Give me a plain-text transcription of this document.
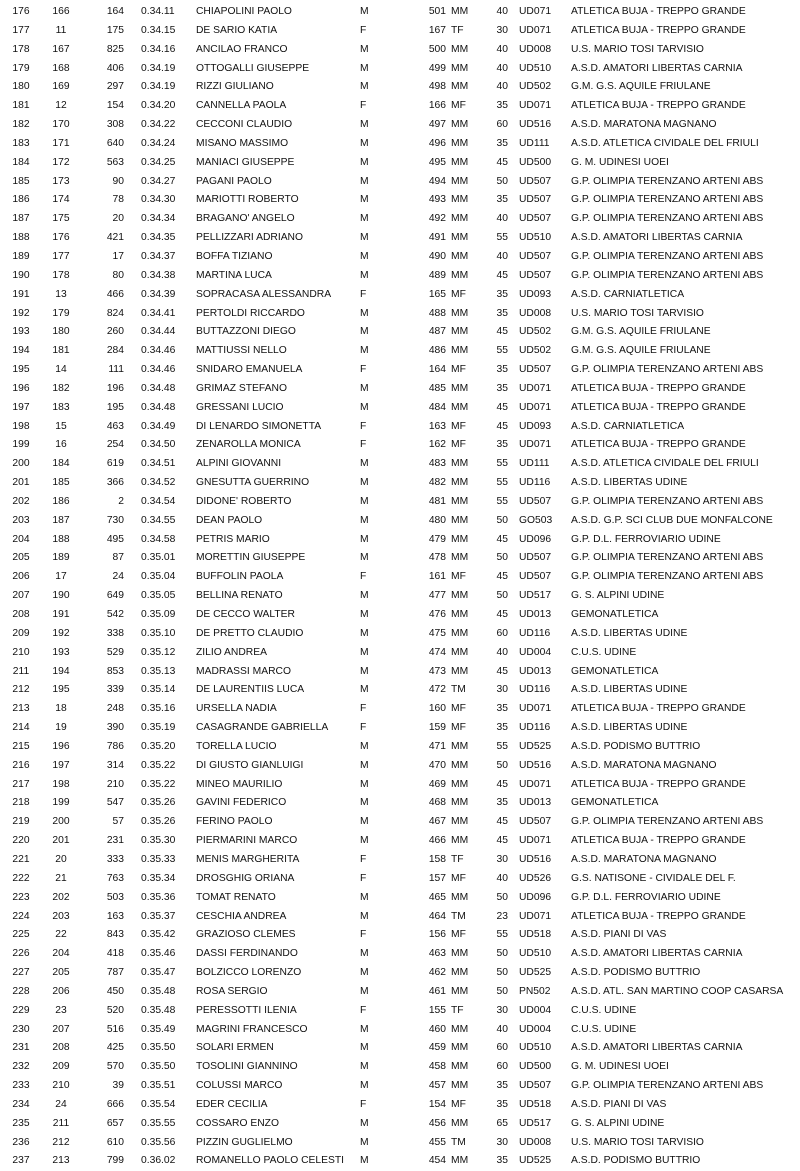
176	166	164 0.34.11 CHIAPOLINI PAOLO	M	501 MM	40 UD071 ATLETICA BUJA - TREPPO GRANDE
177	11	175 0.34.15 DE SARIO KATIA	F	167 TF	30 UD071 ATLETICA BUJA - TREPPO GRANDE
178	167	825 0.34.16 ANCILAO FRANCO	M	500 MM	40 UD008 U.S. MARIO TOSI TARVISIO
179	168	406 0.34.19 OTTOGALLI GIUSEPPE	M	499 MM	40 UD510 A.S.D. AMATORI LIBERTAS CARNIA
180	169	297 0.34.19 RIZZI GIULIANO	M	498 MM	40 UD502 G.M. G.S. AQUILE FRIULANE
181	12	154 0.34.20 CANNELLA PAOLA	F	166 MF	35 UD071 ATLETICA BUJA - TREPPO GRANDE
182	170	308 0.34.22 CECCONI CLAUDIO	M	497 MM	60 UD516 A.S.D. MARATONA MAGNANO
183	171	640 0.34.24 MISANO MASSIMO	M	496 MM	35 UD111 A.S.D. ATLETICA CIVIDALE DEL FRIULI
184	172	563 0.34.25 MANIACI GIUSEPPE	M	495 MM	45 UD500 G. M. UDINESI UOEI
185	173	90 0.34.27 PAGANI PAOLO	M	494 MM	50 UD507 G.P. OLIMPIA TERENZANO ARTENI ABS
186	174	78 0.34.30 MARIOTTI ROBERTO	M	493 MM	35 UD507 G.P. OLIMPIA TERENZANO ARTENI ABS
187	175	20 0.34.34 BRAGANO' ANGELO	M	492 MM	40 UD507 G.P. OLIMPIA TERENZANO ARTENI ABS
188	176	421 0.34.35 PELLIZZARI ADRIANO	M	491 MM	55 UD510 A.S.D. AMATORI LIBERTAS CARNIA
189	177	17 0.34.37 BOFFA TIZIANO	M	490 MM	40 UD507 G.P. OLIMPIA TERENZANO ARTENI ABS
190	178	80 0.34.38 MARTINA LUCA	M	489 MM	45 UD507 G.P. OLIMPIA TERENZANO ARTENI ABS
191	13	466 0.34.39 SOPRACASA ALESSANDRA	F	165 MF	35 UD093 A.S.D. CARNIATLETICA
192	179	824 0.34.41 PERTOLDI RICCARDO	M	488 MM	35 UD008 U.S. MARIO TOSI TARVISIO
193	180	260 0.34.44 BUTTAZZONI DIEGO	M	487 MM	45 UD502 G.M. G.S. AQUILE FRIULANE
194	181	284 0.34.46 MATTIUSSI NELLO	M	486 MM	55 UD502 G.M. G.S. AQUILE FRIULANE
195	14	111 0.34.46 SNIDARO EMANUELA	F	164 MF	35 UD507 G.P. OLIMPIA TERENZANO ARTENI ABS
196	182	196 0.34.48 GRIMAZ STEFANO	M	485 MM	35 UD071 ATLETICA BUJA - TREPPO GRANDE
197	183	195 0.34.48 GRESSANI LUCIO	M	484 MM	45 UD071 ATLETICA BUJA - TREPPO GRANDE
198	15	463 0.34.49 DI LENARDO SIMONETTA	F	163 MF	45 UD093 A.S.D. CARNIATLETICA
199	16	254 0.34.50 ZENAROLLA MONICA	F	162 MF	35 UD071 ATLETICA BUJA - TREPPO GRANDE
200	184	619 0.34.51 ALPINI GIOVANNI	M	483 MM	55 UD111 A.S.D. ATLETICA CIVIDALE DEL FRIULI
201	185	366 0.34.52 GNESUTTA GUERRINO	M	482 MM	55 UD116 A.S.D. LIBERTAS UDINE
202	186	2 0.34.54 DIDONE' ROBERTO	M	481 MM	55 UD507 G.P. OLIMPIA TERENZANO ARTENI ABS
203	187	730 0.34.55 DEAN PAOLO	M	480 MM	50 GO503 A.S.D. G.P. SCI CLUB DUE MONFALCONE
204	188	495 0.34.58 PETRIS MARIO	M	479 MM	45 UD096 G.P. D.L. FERROVIARIO UDINE
205	189	87 0.35.01 MORETTIN GIUSEPPE	M	478 MM	50 UD507 G.P. OLIMPIA TERENZANO ARTENI ABS
206	17	24 0.35.04 BUFFOLIN PAOLA	F	161 MF	45 UD507 G.P. OLIMPIA TERENZANO ARTENI ABS
207	190	649 0.35.05 BELLINA RENATO	M	477 MM	50 UD517 G. S. ALPINI UDINE
208	191	542 0.35.09 DE CECCO WALTER	M	476 MM	45 UD013 GEMONATLETICA
209	192	338 0.35.10 DE PRETTO CLAUDIO	M	475 MM	60 UD116 A.S.D. LIBERTAS UDINE
210	193	529 0.35.12 ZILIO ANDREA	M	474 MM	40 UD004 C.U.S. UDINE
211	194	853 0.35.13 MADRASSI MARCO	M	473 MM	45 UD013 GEMONATLETICA
212	195	339 0.35.14 DE LAURENTIIS LUCA	M	472 TM	30 UD116 A.S.D. LIBERTAS UDINE
213	18	248 0.35.16 URSELLA NADIA	F	160 MF	35 UD071 ATLETICA BUJA - TREPPO GRANDE
214	19	390 0.35.19 CASAGRANDE GABRIELLA	F	159 MF	35 UD116 A.S.D. LIBERTAS UDINE
215	196	786 0.35.20 TORELLA LUCIO	M	471 MM	55 UD525 A.S.D. PODISMO BUTTRIO
216	197	314 0.35.22 DI GIUSTO GIANLUIGI	M	470 MM	50 UD516 A.S.D. MARATONA MAGNANO
217	198	210 0.35.22 MINEO MAURILIO	M	469 MM	45 UD071 ATLETICA BUJA - TREPPO GRANDE
218	199	547 0.35.26 GAVINI FEDERICO	M	468 MM	35 UD013 GEMONATLETICA
219	200	57 0.35.26 FERINO PAOLO	M	467 MM	45 UD507 G.P. OLIMPIA TERENZANO ARTENI ABS
220	201	231 0.35.30 PIERMARINI MARCO	M	466 MM	45 UD071 ATLETICA BUJA - TREPPO GRANDE
221	20	333 0.35.33 MENIS MARGHERITA	F	158 TF	30 UD516 A.S.D. MARATONA MAGNANO
222	21	763 0.35.34 DROSGHIG ORIANA	F	157 MF	40 UD526 G.S. NATISONE - CIVIDALE DEL F.
223	202	503 0.35.36 TOMAT RENATO	M	465 MM	50 UD096 G.P. D.L. FERROVIARIO UDINE
224	203	163 0.35.37 CESCHIA ANDREA	M	464 TM	23 UD071 ATLETICA BUJA - TREPPO GRANDE
225	22	843 0.35.42 GRAZIOSO CLEMES	F	156 MF	55 UD518 A.S.D. PIANI DI VAS
226	204	418 0.35.46 DASSI FERDINANDO	M	463 MM	50 UD510 A.S.D. AMATORI LIBERTAS CARNIA
227	205	787 0.35.47 BOLZICCO LORENZO	M	462 MM	50 UD525 A.S.D. PODISMO BUTTRIO
228	206	450 0.35.48 ROSA SERGIO	M	461 MM	50 PN502 A.S.D. ATL. SAN MARTINO COOP CASARSA
229	23	520 0.35.48 PERESSOTTI ILENIA	F	155 TF	30 UD004 C.U.S. UDINE
230	207	516 0.35.49 MAGRINI FRANCESCO	M	460 MM	40 UD004 C.U.S. UDINE
231	208	425 0.35.50 SOLARI ERMEN	M	459 MM	60 UD510 A.S.D. AMATORI LIBERTAS CARNIA
232	209	570 0.35.50 TOSOLINI GIANNINO	M	458 MM	60 UD500 G. M. UDINESI UOEI
233	210	39 0.35.51 COLUSSI MARCO	M	457 MM	35 UD507 G.P. OLIMPIA TERENZANO ARTENI ABS
234	24	666 0.35.54 EDER CECILIA	F	154 MF	35 UD518 A.S.D. PIANI DI VAS
235	211	657 0.35.55 COSSARO ENZO	M	456 MM	65 UD517 G. S. ALPINI UDINE
236	212	610 0.35.56 PIZZIN GUGLIELMO	M	455 TM	30 UD008 U.S. MARIO TOSI TARVISIO
237	213	799 0.36.02 ROMANELLO PAOLO CELESTI M	454 MM	35 UD525 A.S.D. PODISMO BUTTRIO
